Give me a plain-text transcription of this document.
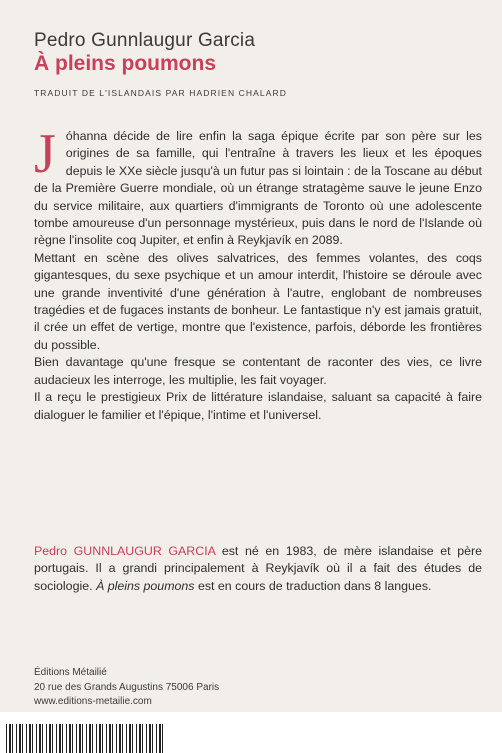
Pedro Gunnlaugur Garcia
À pleins poumons
TRADUIT DE L'ISLANDAIS PAR HADRIEN CHALARD

Jóhanna décide de lire enfin la saga épique écrite par son père sur les origines de sa famille, qui l'entraîne à travers les lieux et les époques depuis le XXe siècle jusqu'à un futur pas si lointain : de la Toscane au début de la Première Guerre mondiale, où un étrange stratagème sauve le jeune Enzo du service militaire, aux quartiers d'immigrants de Toronto où une adolescente tombe amoureuse d'un personnage mystérieux, puis dans le nord de l'Islande où règne l'insolite coq Jupiter, et enfin à Reykjavík en 2089.

Mettant en scène des olives salvatrices, des femmes volantes, des coqs gigantesques, du sexe psychique et un amour interdit, l'histoire se déroule avec une grande inventivité d'une génération à l'autre, englobant de nombreuses tragédies et de fugaces instants de bonheur. Le fantastique n'y est jamais gratuit, il crée un effet de vertige, montre que l'existence, parfois, déborde les frontières du possible.

Bien davantage qu'une fresque se contentant de raconter des vies, ce livre audacieux les interroge, les multiplie, les fait voyager.

Il a reçu le prestigieux Prix de littérature islandaise, saluant sa capacité à faire dialoguer le familier et l'épique, l'intime et l'universel.

Pedro GUNNLAUGUR GARCIA est né en 1983, de mère islandaise et père portugais. Il a grandi principalement à Reykjavík où il a fait des études de sociologie. À pleins poumons est en cours de traduction dans 8 langues.
Éditions Métailié
20 rue des Grands Augustins 75006 Paris
www.editions-metailie.com
